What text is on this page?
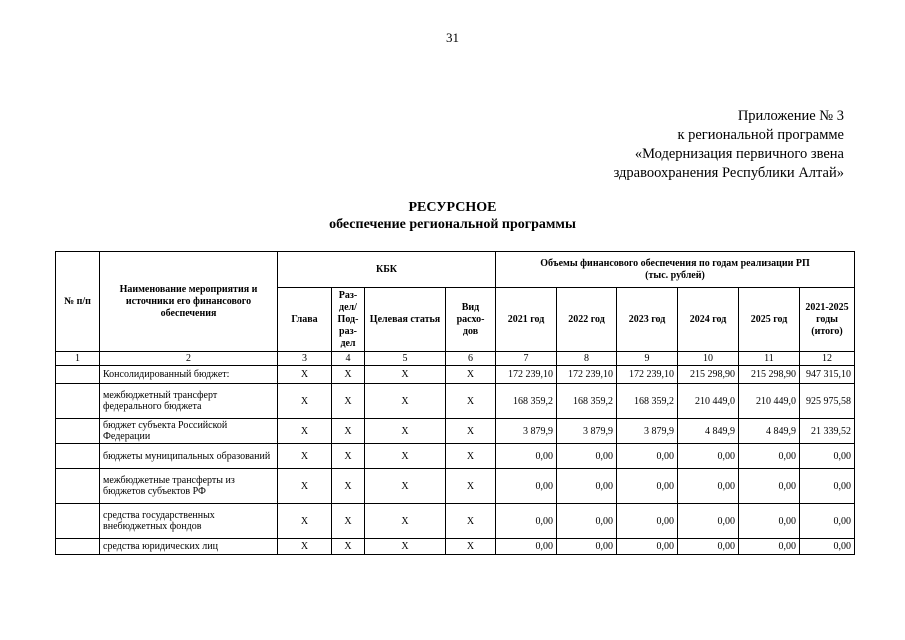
31
Приложение № 3
к региональной программе
«Модернизация первичного звена
здравоохранения Республики Алтай»
РЕСУРСНОЕ
обеспечение региональной программы
№ п/п	Наименование мероприятия и источники его финансового обеспечения	КБК				Объемы финансового обеспечения по годам реализации РП
(тыс. рублей)					

		Глава	Раз-дел/ Под-раз-дел	Целевая статья	Вид расхо-дов	2021 год	2022 год	2023 год	2024 год	2025 год	2021-2025 годы (итого)
1	2	3	4	5	6	7	8	9	10	11	12
	Консолидированный бюджет:	X	X	X	X	172 239,10	172 239,10	172 239,10	215 298,90	215 298,90	947 315,10
	межбюджетный трансферт федерального бюджета	X	X	X	X	168 359,2	168 359,2	168 359,2	210 449,0	210 449,0	925 975,58
	бюджет субъекта Российской Федерации	X	X	X	X	3 879,9	3 879,9	3 879,9	4 849,9	4 849,9	21 339,52
	бюджеты муниципальных образований	X	X	X	X	0,00	0,00	0,00	0,00	0,00	0,00
	межбюджетные трансферты из бюджетов субъектов РФ	X	X	X	X	0,00	0,00	0,00	0,00	0,00	0,00
	средства государственных внебюджетных фондов	X	X	X	X	0,00	0,00	0,00	0,00	0,00	0,00
	средства юридических лиц	X	X	X	X	0,00	0,00	0,00	0,00	0,00	0,00
